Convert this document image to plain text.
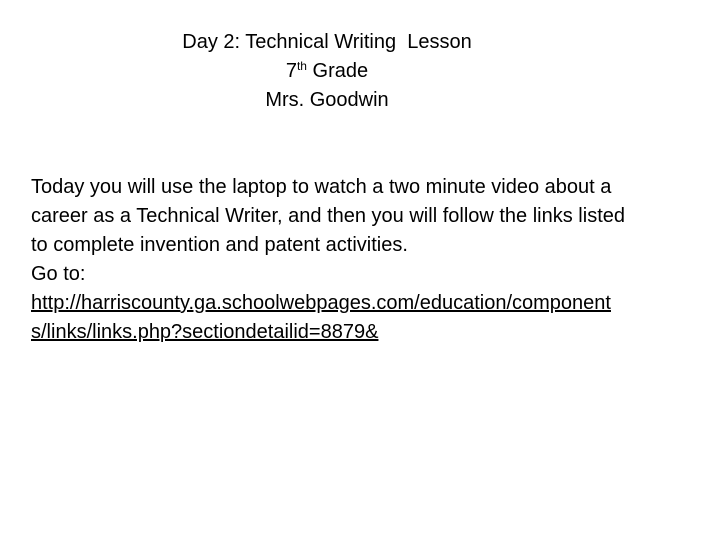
Day 2: Technical Writing  Lesson
7th Grade
Mrs. Goodwin
Today you will use the laptop to watch a two minute video about a career as a Technical Writer, and then you will follow the links listed to complete invention and patent activities.
Go to:
http://harriscounty.ga.schoolwebpages.com/education/components/links/links.php?sectiondetailid=8879&
